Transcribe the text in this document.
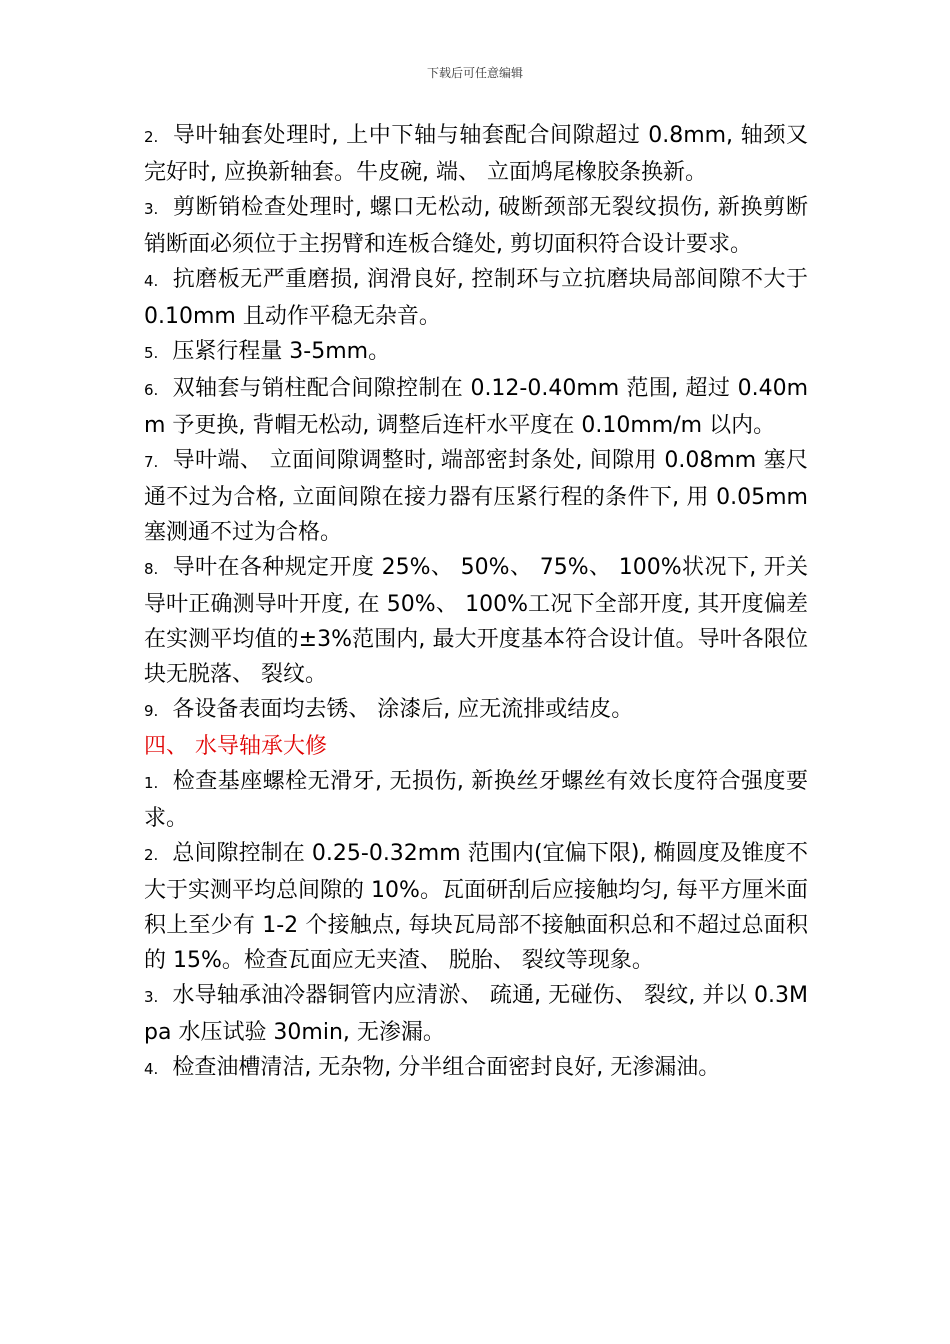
下载后可任意编辑

2. 导叶轴套处理时, 上中下轴与轴套配合间隙超过 0.8mm, 轴颈又完好时, 应换新轴套。牛皮碗, 端、 立面鸠尾橡胶条换新。

3. 剪断销检查处理时, 螺口无松动, 破断颈部无裂纹损伤, 新换剪断销断面必须位于主拐臂和连板合缝处, 剪切面积符合设计要求。

4. 抗磨板无严重磨损, 润滑良好, 控制环与立抗磨块局部间隙不大于 0.10mm 且动作平稳无杂音。

5. 压紧行程量 3-5mm。

6. 双轴套与销柱配合间隙控制在 0.12-0.40mm 范围, 超过 0.40mm 予更换, 背帽无松动, 调整后连杆水平度在 0.10mm/m 以内。

7. 导叶端、 立面间隙调整时, 端部密封条处, 间隙用 0.08mm 塞尺通不过为合格, 立面间隙在接力器有压紧行程的条件下, 用 0.05mm 塞测通不过为合格。

8. 导叶在各种规定开度 25%、 50%、 75%、 100%状况下, 开关导叶正确测导叶开度, 在 50%、 100%工况下全部开度, 其开度偏差在实测平均值的±3%范围内, 最大开度基本符合设计值。导叶各限位块无脱落、 裂纹。

9. 各设备表面均去锈、 涂漆后, 应无流排或结皮。

四、 水导轴承大修

1. 检查基座螺栓无滑牙, 无损伤, 新换丝牙螺丝有效长度符合强度要求。

2. 总间隙控制在 0.25-0.32mm 范围内(宜偏下限), 椭圆度及锥度不大于实测平均总间隙的 10%。瓦面研刮后应接触均匀, 每平方厘米面积上至少有 1-2 个接触点, 每块瓦局部不接触面积总和不超过总面积的 15%。检查瓦面应无夹渣、 脱胎、 裂纹等现象。

3. 水导轴承油冷器铜管内应清淤、 疏通, 无碰伤、 裂纹, 并以 0.3Mpa 水压试验 30min, 无渗漏。

4. 检查油槽清洁, 无杂物, 分半组合面密封良好, 无渗漏油。
